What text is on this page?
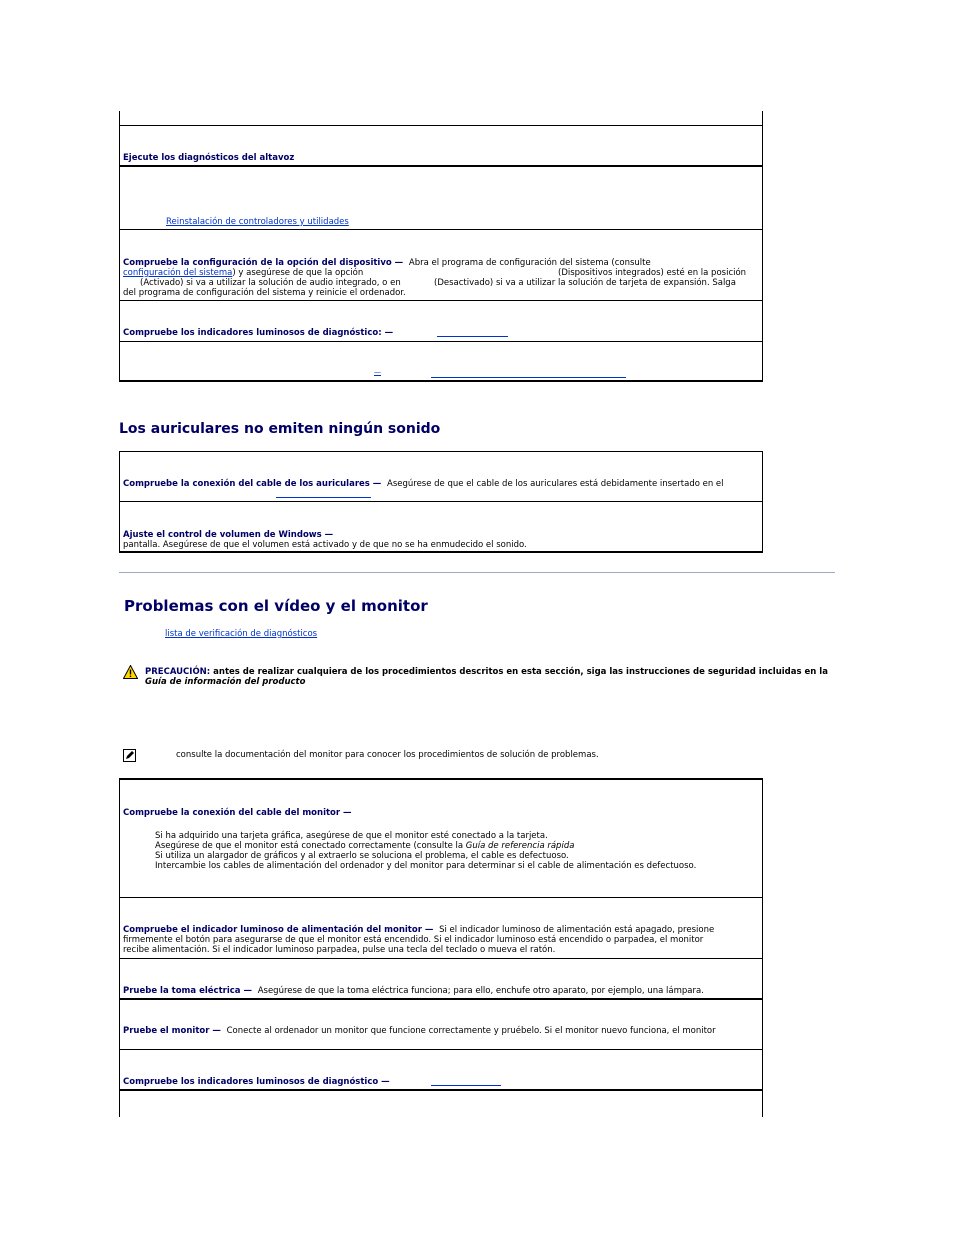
Ejecute los diagnósticos del altavoz
Reinstalación de controladores y utilidades
Compruebe la configuración de la opción del dispositivo — Abra el programa de configuración del sistema (consulte
configuración del sistema) y asegúrese de que la opción	(Dispositivos integrados) esté en la posición
(Activado) si va a utilizar la solución de audio integrado, o en	(Desactivado) si va a utilizar la solución de tarjeta de expansión. Salga
del programa de configuración del sistema y reinicie el ordenador.
Compruebe los indicadores luminosos de diagnóstico: —
—
Los auriculares no emiten ningún sonido
Compruebe la conexión del cable de los auriculares — Asegúrese de que el cable de los auriculares está debidamente insertado en el
Ajuste el control de volumen de Windows —
pantalla. Asegúrese de que el volumen está activado y de que no se ha enmudecido el sonido.
Problemas con el vídeo y el monitor
lista de verificación de diagnósticos
PRECAUCIÓN: antes de realizar cualquiera de los procedimientos descritos en esta sección, siga las instrucciones de seguridad incluidas en la
Guía de información del producto
consulte la documentación del monitor para conocer los procedimientos de solución de problemas.
Compruebe la conexión del cable del monitor —
Si ha adquirido una tarjeta gráfica, asegúrese de que el monitor esté conectado a la tarjeta.
Asegúrese de que el monitor está conectado correctamente (consulte la Guía de referencia rápida
Si utiliza un alargador de gráficos y al extraerlo se soluciona el problema, el cable es defectuoso.
Intercambie los cables de alimentación del ordenador y del monitor para determinar si el cable de alimentación es defectuoso.
Compruebe el indicador luminoso de alimentación del monitor — Si el indicador luminoso de alimentación está apagado, presione
firmemente el botón para asegurarse de que el monitor está encendido. Si el indicador luminoso está encendido o parpadea, el monitor
recibe alimentación. Si el indicador luminoso parpadea, pulse una tecla del teclado o mueva el ratón.
Pruebe la toma eléctrica — Asegúrese de que la toma eléctrica funciona; para ello, enchufe otro aparato, por ejemplo, una lámpara.
Pruebe el monitor — Conecte al ordenador un monitor que funcione correctamente y pruébelo. Si el monitor nuevo funciona, el monitor
Compruebe los indicadores luminosos de diagnóstico —
